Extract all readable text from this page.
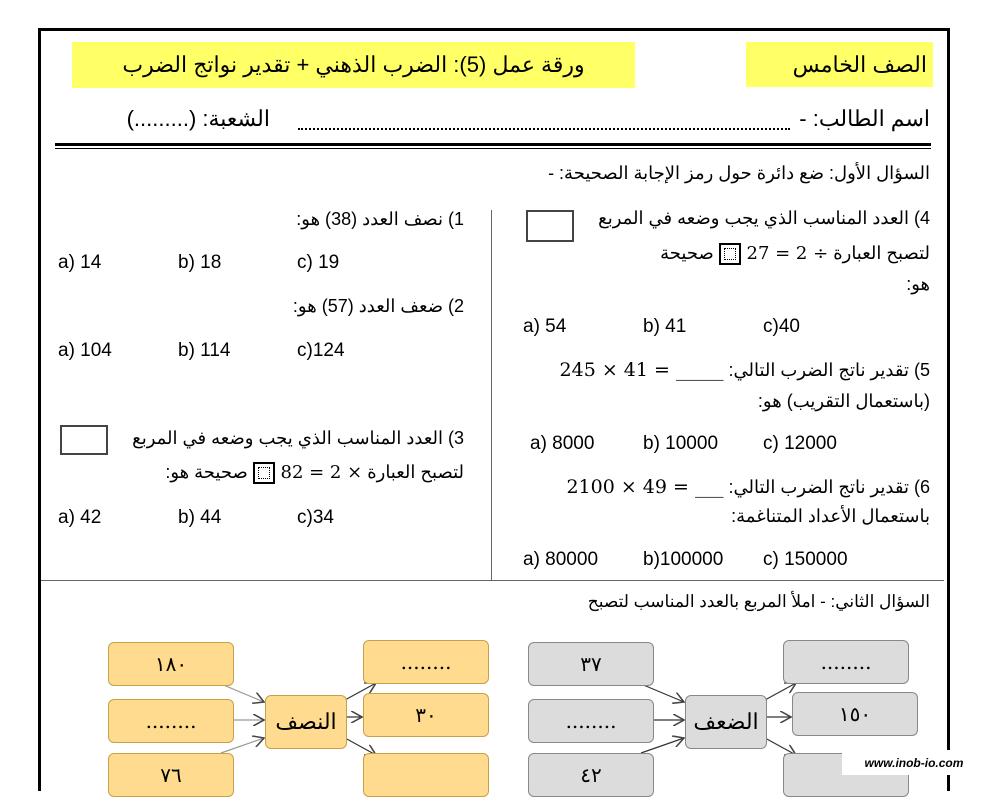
الصف الخامس
ورقة عمل (5): الضرب الذهني + تقدير نواتج الضرب
اسم الطالب: -
الشعبة: (.........)
السؤال الأول: ضع دائرة حول رمز الإجابة الصحيحة: -
1) نصف العدد (38) هو:
a) 14	b) 18	c) 19
2) ضعف العدد (57) هو:
a) 104	b) 114	c)124
3) العدد المناسب الذي يجب وضعه في المربع
لتصبح العبارة  82 = 2 × صحيحة هو:
a) 42	b) 44	c)34
4) العدد المناسب الذي يجب وضعه في المربع
لتصبح العبارة  27 = 2 ÷ صحيحة
هو:
a) 54	b) 41	c)40
5) تقدير ناتج الضرب التالي: 245 × 41 = _____
(باستعمال التقريب) هو:
a) 8000	b) 10000 c) 12000
6) تقدير ناتج الضرب التالي: 2100 × 49 = ___
باستعمال الأعداد المتناغمة:
a) 80000 b)100000 c) 150000
السؤال الثاني: - املأ المربع بالعدد المناسب لتصبح
١٨٠
........
٧٦
النصف
........
٣٠
٣٧
........
٤٢
الضعف
........
١٥٠
www.inob-io.com
